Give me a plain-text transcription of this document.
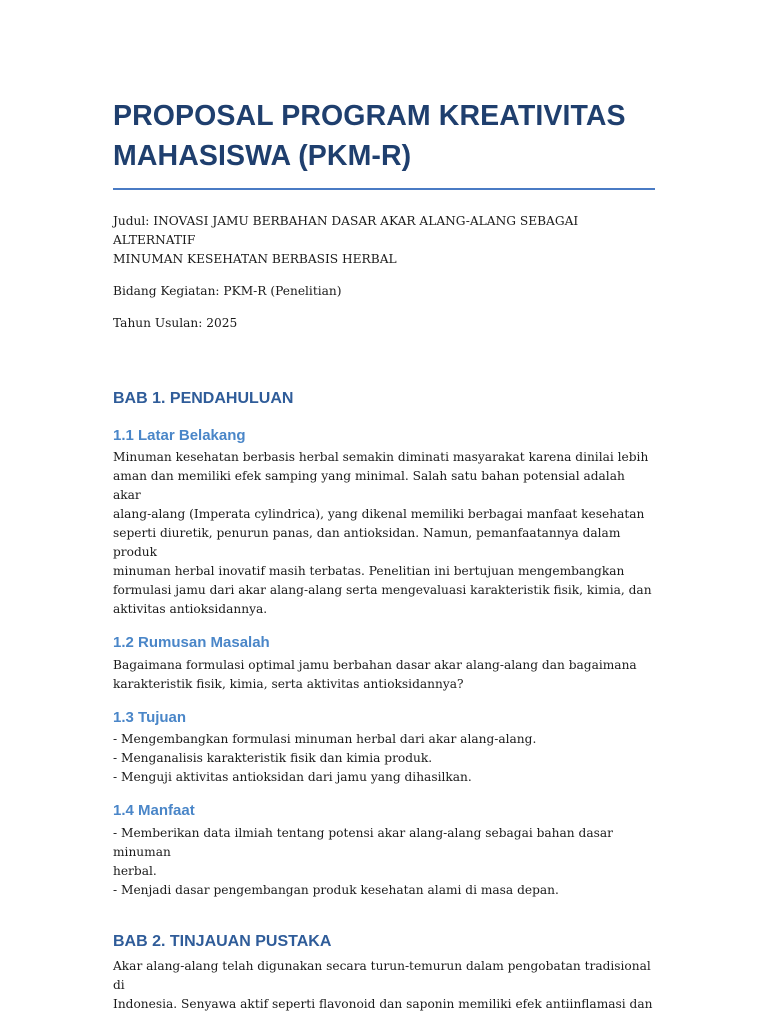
PROPOSAL PROGRAM KREATIVITAS MAHASISWA (PKM-R)

Judul: INOVASI JAMU BERBAHAN DASAR AKAR ALANG-ALANG SEBAGAI ALTERNATIF
MINUMAN KESEHATAN BERBASIS HERBAL

Bidang Kegiatan: PKM-R (Penelitian)

Tahun Usulan: 2025

BAB 1. PENDAHULUAN
1.1 Latar Belakang

Minuman kesehatan berbasis herbal semakin diminati masyarakat karena dinilai lebih
aman dan memiliki efek samping yang minimal. Salah satu bahan potensial adalah akar
alang-alang (Imperata cylindrica), yang dikenal memiliki berbagai manfaat kesehatan
seperti diuretik, penurun panas, dan antioksidan. Namun, pemanfaatannya dalam produk
minuman herbal inovatif masih terbatas. Penelitian ini bertujuan mengembangkan
formulasi jamu dari akar alang-alang serta mengevaluasi karakteristik fisik, kimia, dan
aktivitas antioksidannya.

1.2 Rumusan Masalah

Bagaimana formulasi optimal jamu berbahan dasar akar alang-alang dan bagaimana
karakteristik fisik, kimia, serta aktivitas antioksidannya?

1.3 Tujuan

- Mengembangkan formulasi minuman herbal dari akar alang-alang.
- Menganalisis karakteristik fisik dan kimia produk.
- Menguji aktivitas antioksidan dari jamu yang dihasilkan.

1.4 Manfaat

- Memberikan data ilmiah tentang potensi akar alang-alang sebagai bahan dasar minuman
herbal.
- Menjadi dasar pengembangan produk kesehatan alami di masa depan.

BAB 2. TINJAUAN PUSTAKA

Akar alang-alang telah digunakan secara turun-temurun dalam pengobatan tradisional di
Indonesia. Senyawa aktif seperti flavonoid dan saponin memiliki efek antiinflamasi dan
